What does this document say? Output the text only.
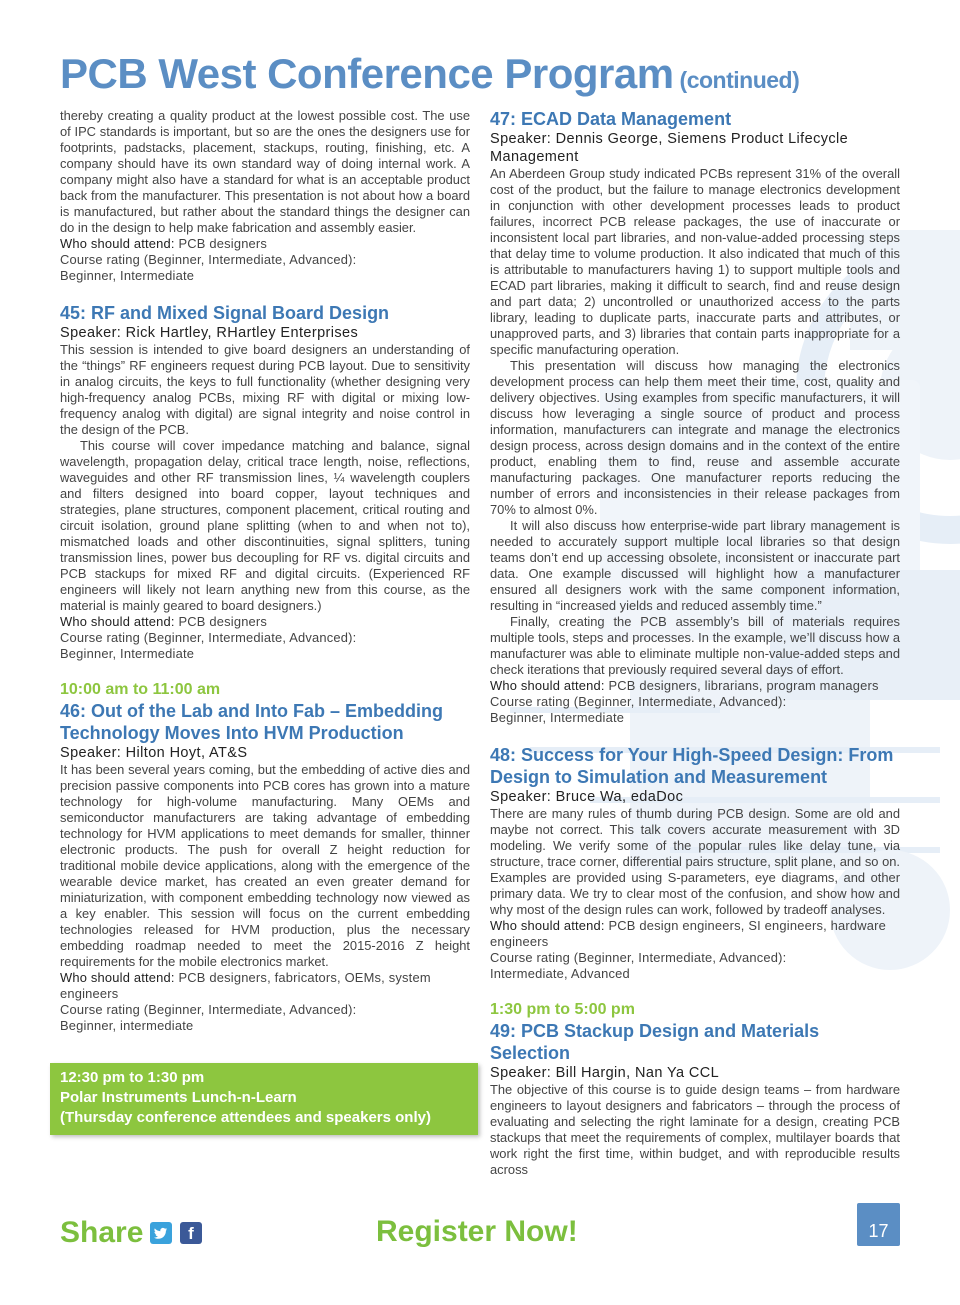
PCB West Conference Program (continued)

thereby creating a quality product at the lowest possible cost. The use of IPC standards is important, but so are the ones the designers use for footprints, padstacks, placement, stackups, routing, finishing, etc. A company should have its own standard way of doing internal work. A company might also have a standard for what is an acceptable product back from the manufacturer. This presentation is not about how a board is manufactured, but rather about the standard things the designer can do in the design to help make fabrication and assembly easier.

Who should attend: PCB designers
Course rating (Beginner, Intermediate, Advanced):
Beginner, Intermediate
45: RF and Mixed Signal Board Design
Speaker: Rick Hartley, RHartley Enterprises

This session is intended to give board designers an understanding of the “things” RF engineers request during PCB layout. Due to sensitivity in analog circuits, the keys to full functionality (whether designing very high-frequency analog PCBs, mixing RF with digital or mixing low-frequency analog with digital) are signal integrity and noise control in the design of the PCB.

This course will cover impedance matching and balance, signal wavelength, propagation delay, critical trace length, noise, reflections, waveguides and other RF transmission lines, ¼ wavelength couplers and filters designed into board copper, layout techniques and strategies, plane structures, component placement, critical routing and circuit isolation, ground plane splitting (when to and when not to), mismatched loads and other discontinuities, signal splitters, tuning transmission lines, power bus decoupling for RF vs. digital circuits and PCB stackups for mixed RF and digital circuits. (Experienced RF engineers will likely not learn anything new from this course, as the material is mainly geared to board designers.)

Who should attend: PCB designers
Course rating (Beginner, Intermediate, Advanced):
Beginner, Intermediate
10:00 am to 11:00 am
46: Out of the Lab and Into Fab – Embedding Technology Moves Into HVM Production
Speaker: Hilton Hoyt, AT&S

It has been several years coming, but the embedding of active dies and precision passive components into PCB cores has grown into a mature technology for high-volume manufacturing. Many OEMs and semiconductor manufacturers are taking advantage of embedding technology for HVM applications to meet demands for smaller, thinner electronic products. The push for overall Z height reduction for traditional mobile device applications, along with the emergence of the wearable device market, has created an even greater demand for miniaturization, with component embedding technology now viewed as a key enabler. This session will focus on the current embedding technologies released for HVM production, plus the necessary embedding roadmap needed to meet the 2015-2016 Z height requirements for the mobile electronics market.

Who should attend: PCB designers, fabricators, OEMs, system engineers
Course rating (Beginner, Intermediate, Advanced):
Beginner, intermediate
12:30 pm to 1:30 pm
Polar Instruments Lunch-n-Learn
(Thursday conference attendees and speakers only)
47: ECAD Data Management
Speaker: Dennis George, Siemens Product Lifecycle Management

An Aberdeen Group study indicated PCBs represent 31% of the overall cost of the product, but the failure to manage electronics development in conjunction with other development processes leads to product failures, incorrect PCB release packages, the use of inaccurate or inconsistent local part libraries, and non-value-added processing steps that delay time to volume production. It also indicated that much of this is attributable to manufacturers having 1) to support multiple tools and ECAD part libraries, making it difficult to search, find and reuse design and part data; 2) uncontrolled or unauthorized access to the parts library, leading to duplicate parts, inaccurate parts and attributes, or unapproved parts, and 3) libraries that contain parts inappropriate for a specific manufacturing operation.

This presentation will discuss how managing the electronics development process can help them meet their time, cost, quality and delivery objectives. Using examples from specific manufacturers, it will discuss how leveraging a single source of product and process information, manufacturers can integrate and manage the electronics design process, across design domains and in the context of the entire product, enabling them to find, reuse and assemble accurate manufacturing packages. One manufacturer reports reducing the number of errors and inconsistencies in their release packages from 70% to almost 0%.

It will also discuss how enterprise-wide part library management is needed to accurately support multiple local libraries so that design teams don’t end up accessing obsolete, inconsistent or inaccurate part data. One example discussed will highlight how a manufacturer ensured all designers work with the same component information, resulting in “increased yields and reduced assembly time.”

Finally, creating the PCB assembly’s bill of materials requires multiple tools, steps and processes. In the example, we’ll discuss how a manufacturer was able to eliminate multiple non-value-added steps and check iterations that previously required several days of effort.

Who should attend: PCB designers, librarians, program managers
Course rating (Beginner, Intermediate, Advanced):
Beginner, Intermediate
48: Success for Your High-Speed Design: From Design to Simulation and Measurement
Speaker: Bruce Wa, edaDoc

There are many rules of thumb during PCB design. Some are old and maybe not correct. This talk covers accurate measurement with 3D modeling. We verify some of the popular rules like delay tune, via structure, trace corner, differential pairs structure, split plane, and so on. Examples are provided using S-parameters, eye diagrams, and other primary data. We try to clear most of the confusion, and show how and why most of the design rules can work, followed by tradeoff analyses.

Who should attend: PCB design engineers, SI engineers, hardware engineers
Course rating (Beginner, Intermediate, Advanced):
Intermediate, Advanced
1:30 pm to 5:00 pm
49: PCB Stackup Design and Materials Selection
Speaker: Bill Hargin, Nan Ya CCL

The objective of this course is to guide design teams – from hardware engineers to layout designers and fabricators – through the process of evaluating and selecting the right laminate for a design, creating PCB stackups that meet the requirements of complex, multilayer boards that work right the first time, within budget, and with reproducible results across

Share	f	Register Now!	17
